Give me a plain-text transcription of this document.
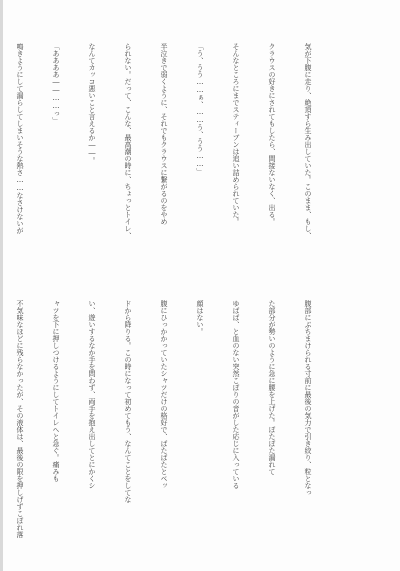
気が下腹に走り、絶頂すら生み出していた。このまま、もし、

クラウスの好きにされてもしたら、間接ないなく、出る。

そんなところにまでスティーブンは追い詰められていた。

「う、うう……ぁ、……う、うう……」

半泣きで弱くように、それでもクラウスに繋がるのをやめ

られない。だって、こんな、最高潮の時に、ちょっとトイレ、

なんてカッコ悪いこと言えるか――。

「ああああ――……っ」

鳴きようにして漏らしてしまいそうな熱さ……なさけないが

腹部にぶちまけられる寸前に最後の気力で引き絞り、粒となっ

た部分が勢いのように急に腰を上げた。ぼたぼた漏れて

ゆばば、と血のない突然こぼりの音がした応じに入っている

顔はない。

腹にひっかかっていたシャツだけの格好で、ばたばたとベッ

ドから降りる。この時になって初めてもう、なんてことをしてな

い、遊いするなか手を問わず、両手を抱え出してとにかくシ

ャツを下に押しつけるようにしてトイレへと急ぐ。痛みも

不気味なほどに残らなかったが、その液体は、最後の限を押しげずこぼれ落
